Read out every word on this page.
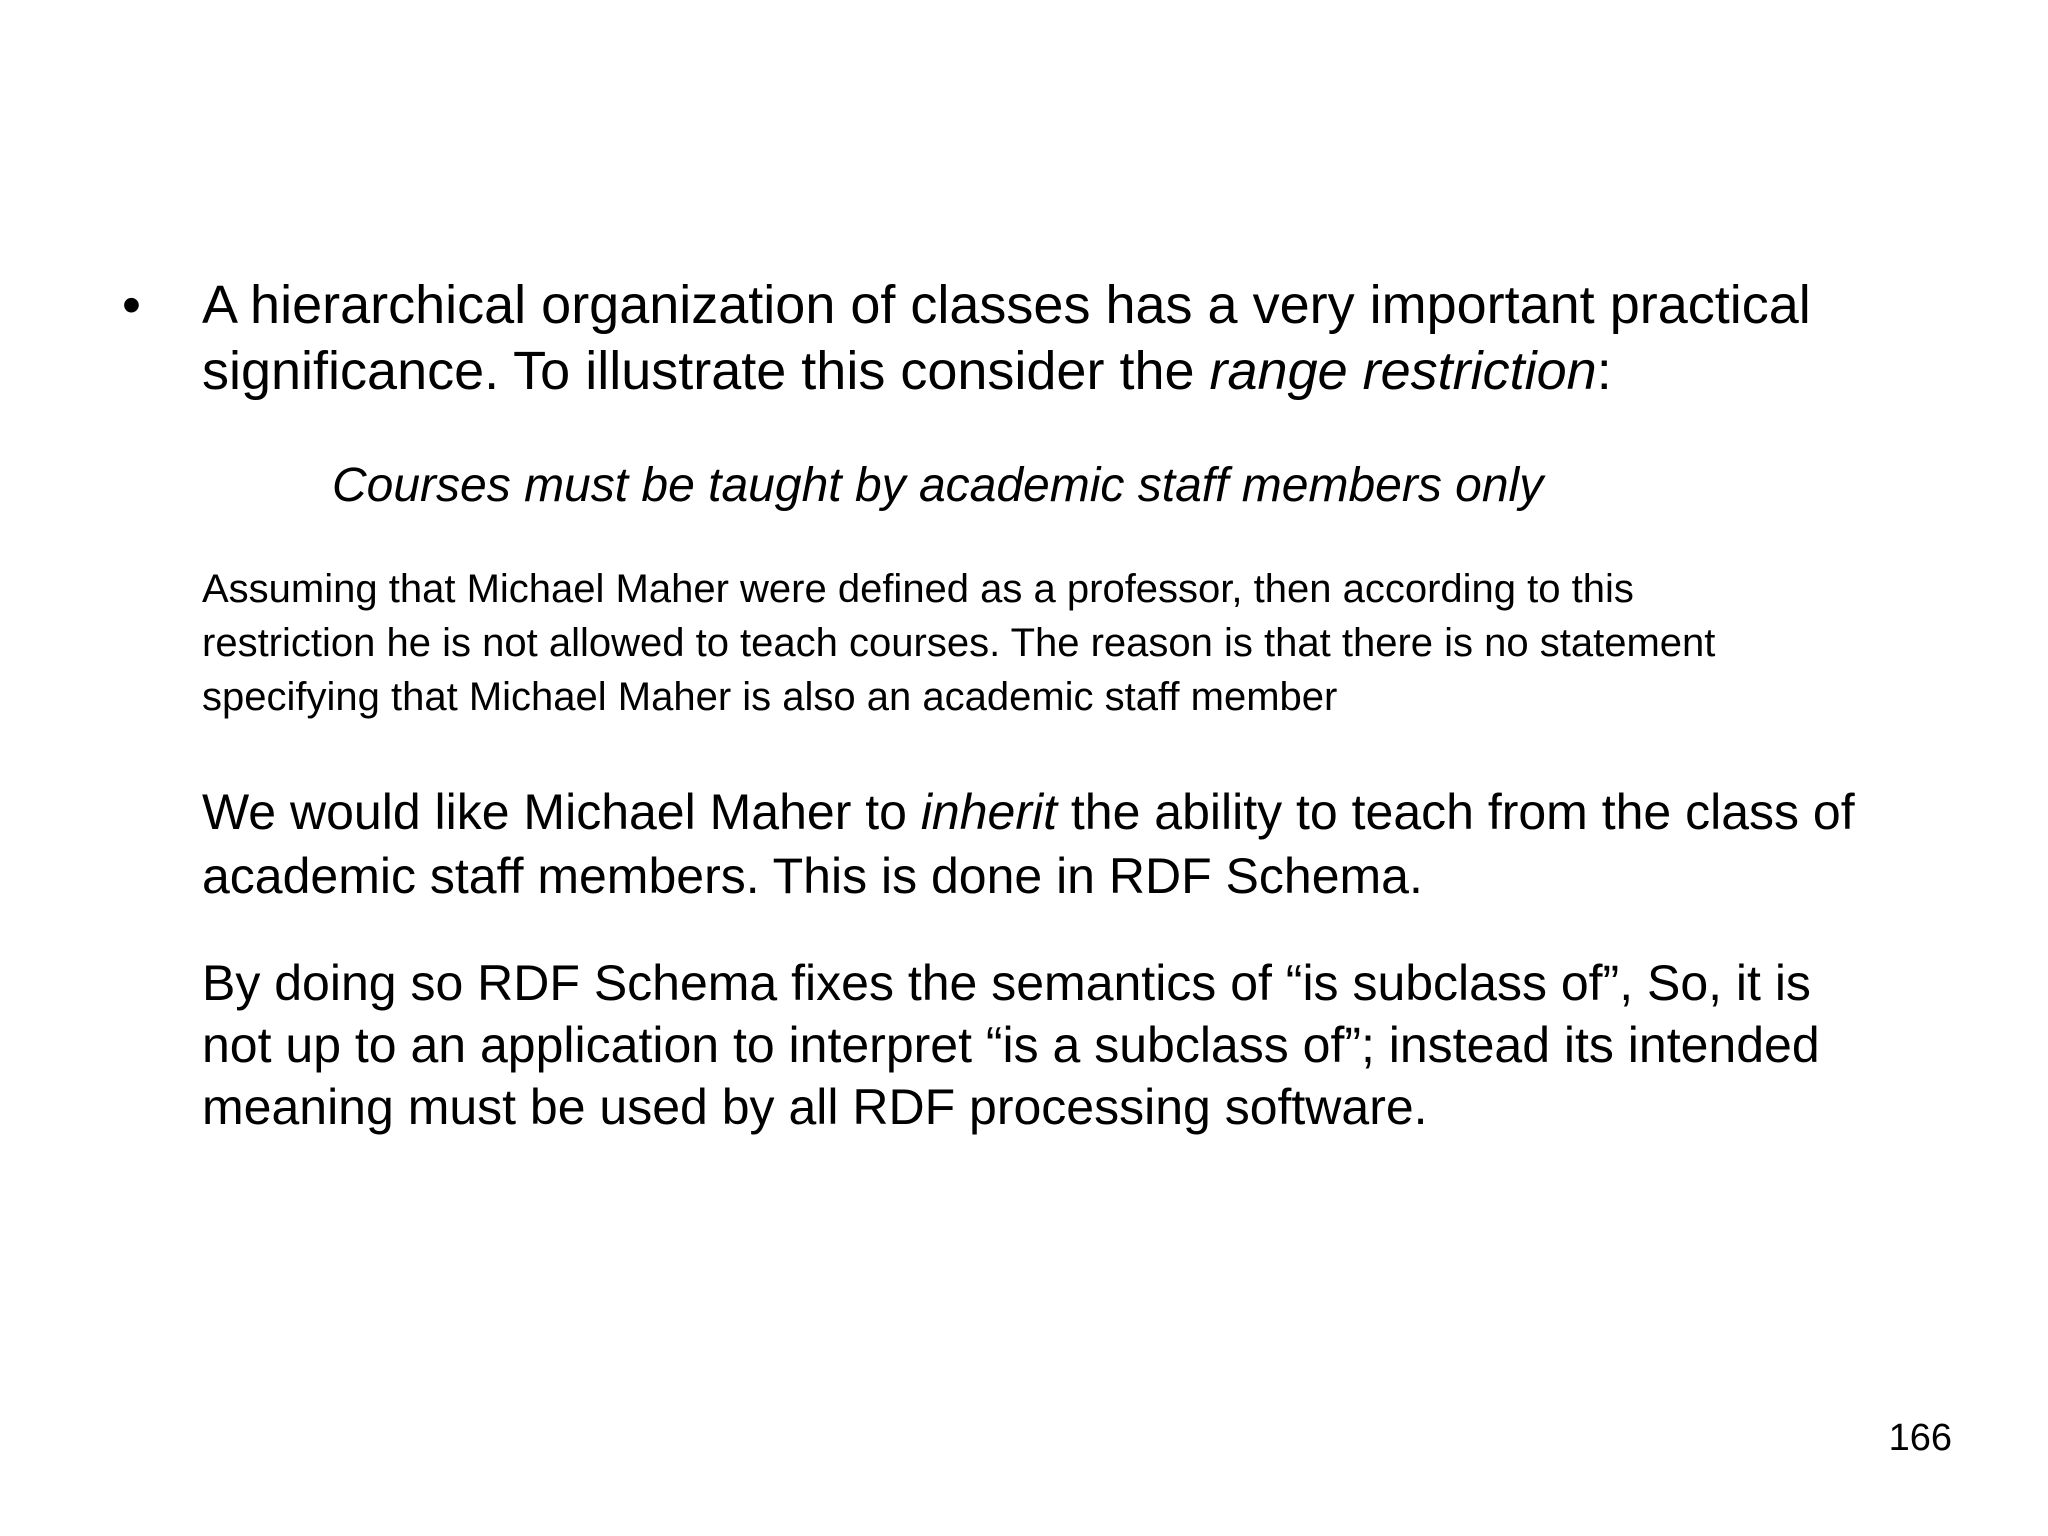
• A hierarchical organization of classes has a very important practical
significance. To illustrate this consider the range restriction:

Courses must be taught by academic staff members only

Assuming that Michael Maher were defined as a professor, then according to this
restriction he is not allowed to teach courses. The reason is that there is no statement
specifying that Michael Maher is also an academic staff member

We would like Michael Maher to inherit the ability to teach from the class of
academic staff members. This is done in RDF Schema.

By doing so RDF Schema fixes the semantics of “is subclass of”, So, it is
not up to an application to interpret “is a subclass of”; instead its intended
meaning must be used by all RDF processing software.

166
